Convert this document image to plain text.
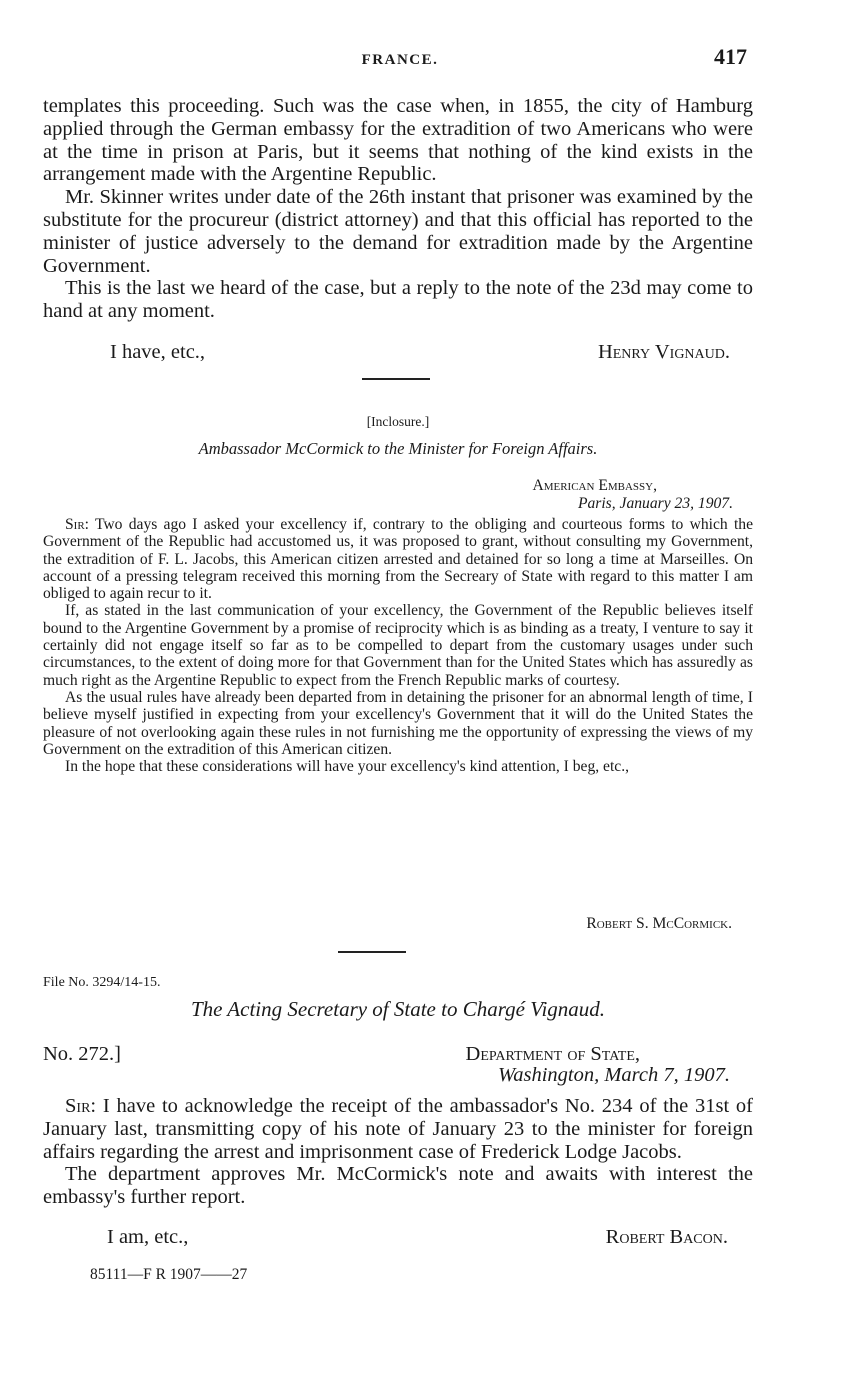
FRANCE.	417

templates this proceeding. Such was the case when, in 1855, the city of Hamburg applied through the German embassy for the extradition of two Americans who were at the time in prison at Paris, but it seems that nothing of the kind exists in the arrangement made with the Argentine Republic.

Mr. Skinner writes under date of the 26th instant that prisoner was examined by the substitute for the procureur (district attorney) and that this official has reported to the minister of justice adversely to the demand for extradition made by the Argentine Government.

This is the last we heard of the case, but a reply to the note of the 23d may come to hand at any moment.

I have, etc.,	Henry Vignaud.
[Inclosure.]
Ambassador McCormick to the Minister for Foreign Affairs.
American Embassy,
Paris, January 23, 1907.

Sir: Two days ago I asked your excellency if, contrary to the obliging and courteous forms to which the Government of the Republic had accustomed us, it was proposed to grant, without consulting my Government, the extradition of F. L. Jacobs, this American citizen arrested and detained for so long a time at Marseilles. On account of a pressing telegram received this morning from the Secreary of State with regard to this matter I am obliged to again recur to it.

If, as stated in the last communication of your excellency, the Government of the Republic believes itself bound to the Argentine Government by a promise of reciprocity which is as binding as a treaty, I venture to say it certainly did not engage itself so far as to be compelled to depart from the customary usages under such circumstances, to the extent of doing more for that Government than for the United States which has assuredly as much right as the Argentine Republic to expect from the French Republic marks of courtesy.

As the usual rules have already been departed from in detaining the prisoner for an abnormal length of time, I believe myself justified in expecting from your excellency's Government that it will do the United States the pleasure of not overlooking again these rules in not furnishing me the opportunity of expressing the views of my Government on the extradition of this American citizen.

In the hope that these considerations will have your excellency's kind attention, I beg, etc.,

Robert S. McCormick.
File No. 3294/14-15.
The Acting Secretary of State to Chargé Vignaud.
No. 272.]	Department of State,
Washington, March 7, 1907.

Sir: I have to acknowledge the receipt of the ambassador's No. 234 of the 31st of January last, transmitting copy of his note of January 23 to the minister for foreign affairs regarding the arrest and imprisonment case of Frederick Lodge Jacobs.

The department approves Mr. McCormick's note and awaits with interest the embassy's further report.

I am, etc.,	Robert Bacon.
85111—F R 1907——27
